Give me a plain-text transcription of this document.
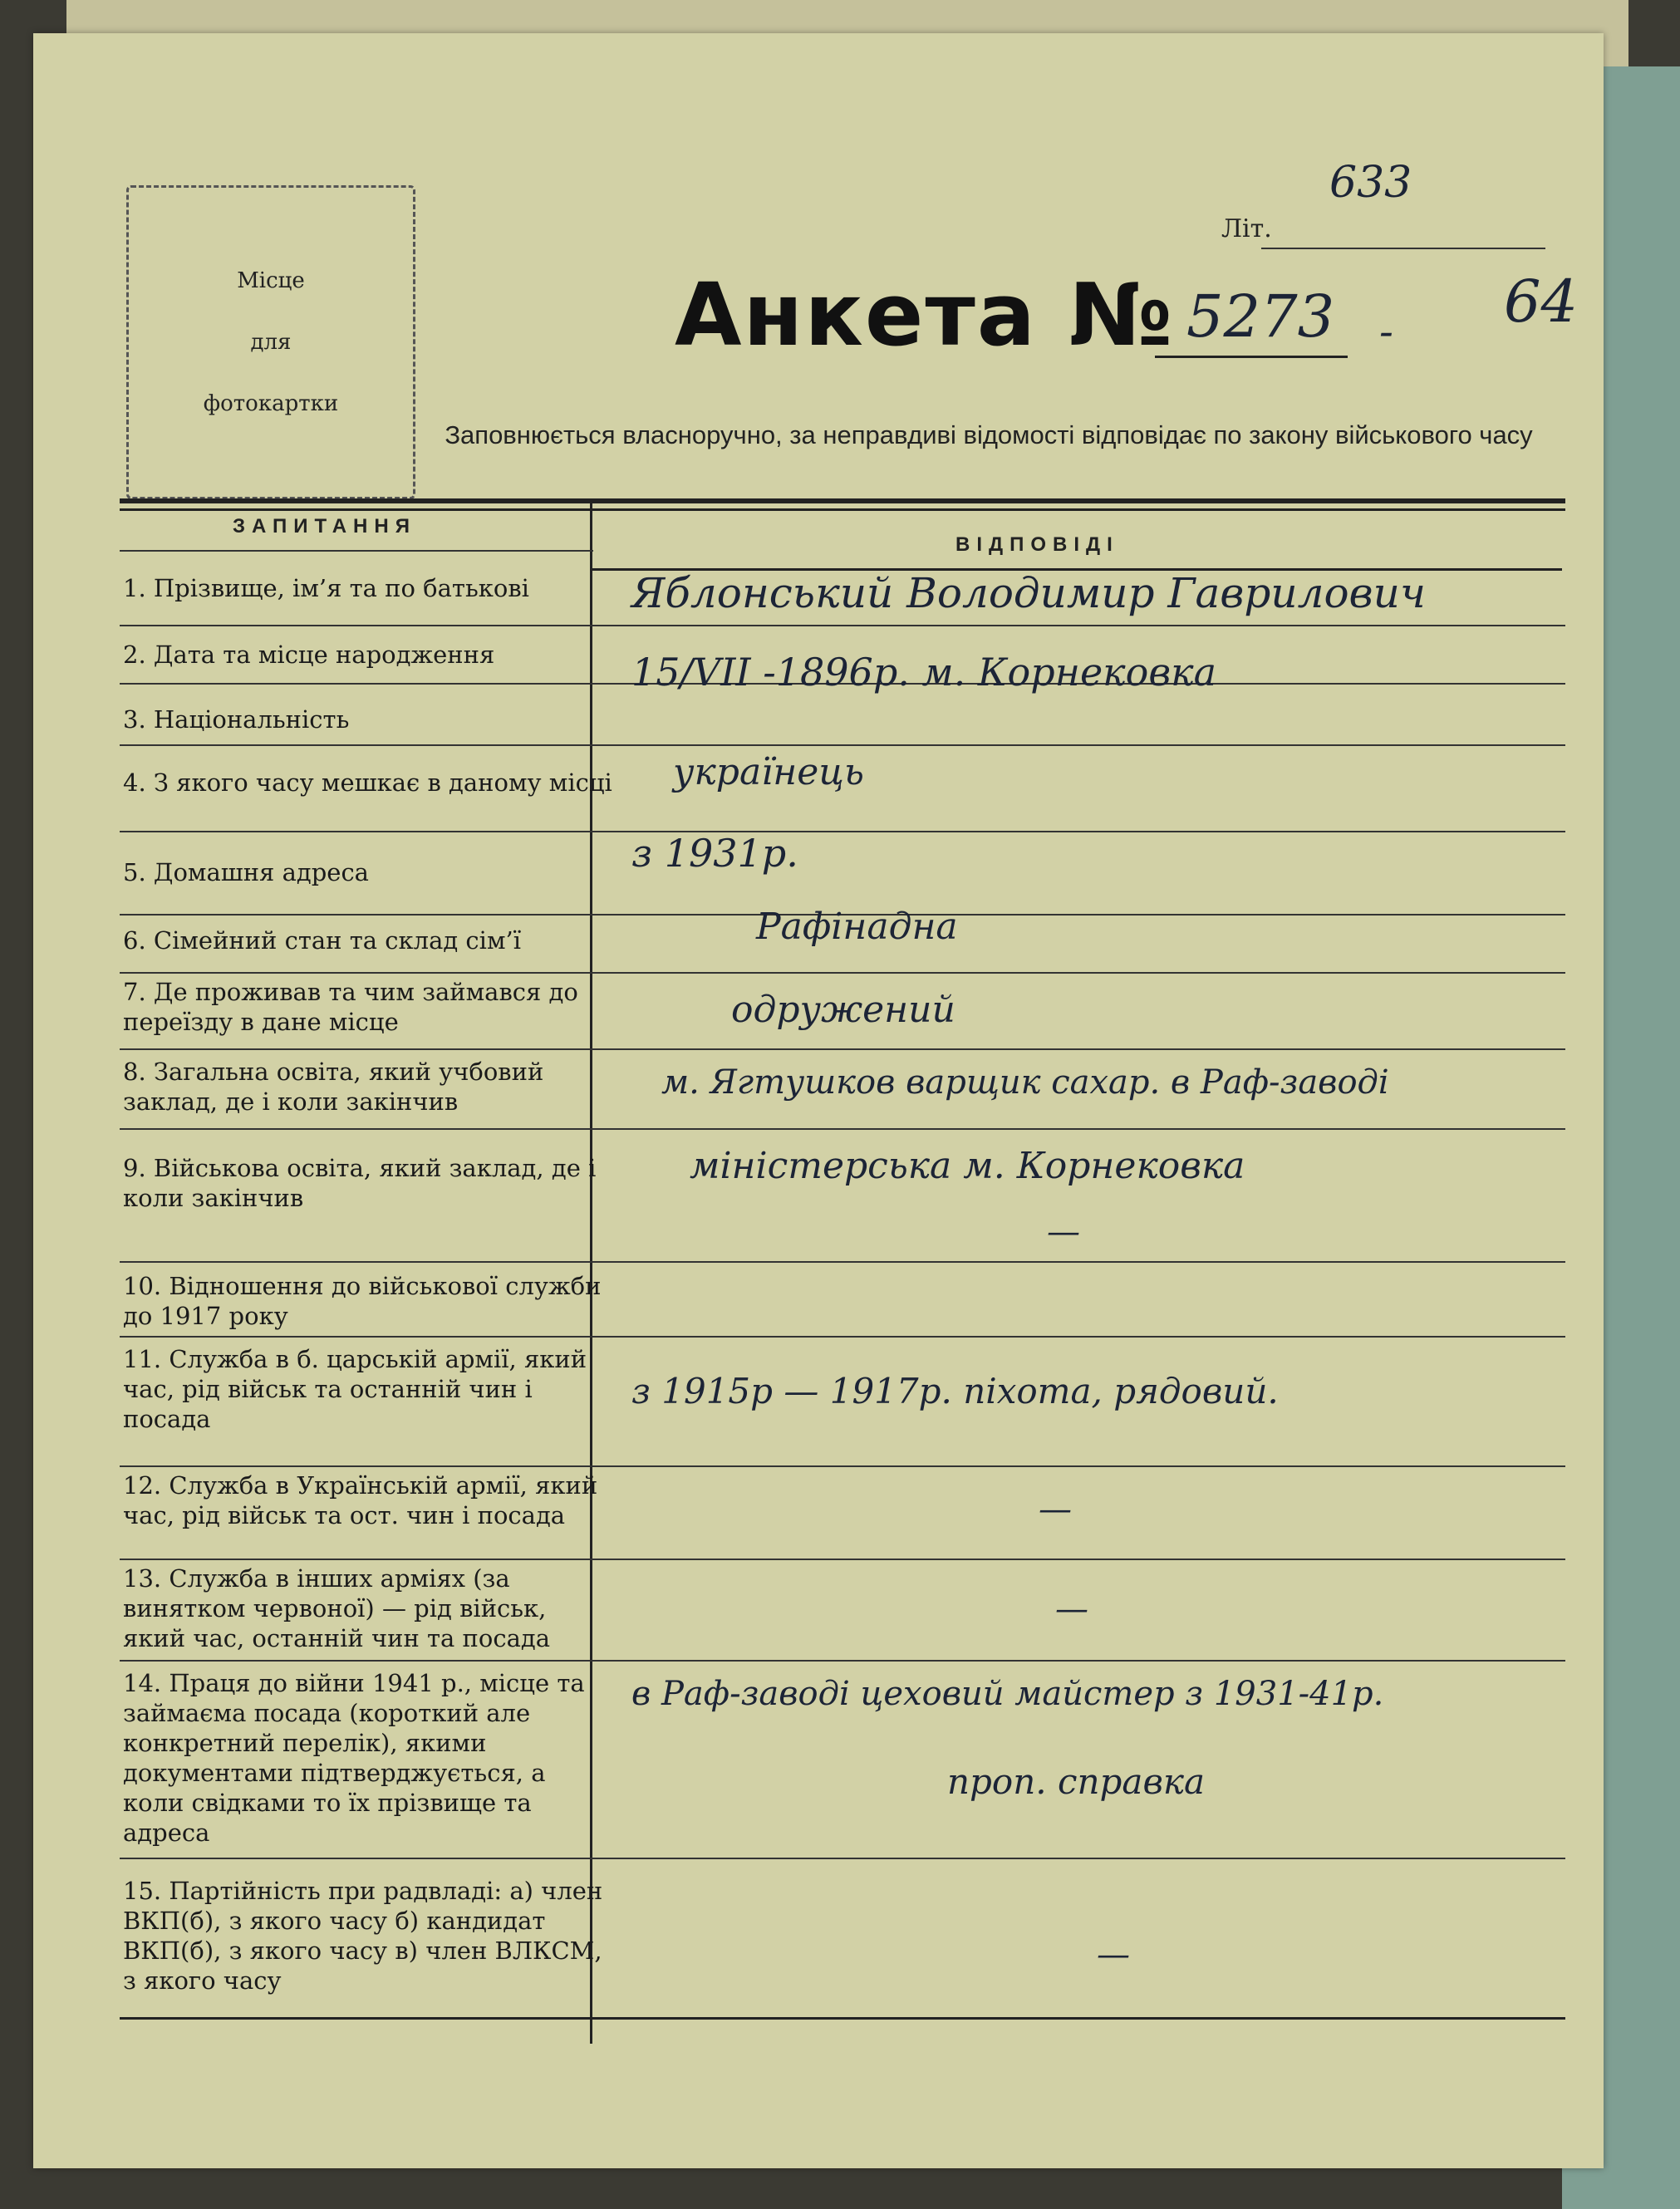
Місце
для
фотокартки
Літ.
633
64
Анкета № 5273 -
Заповнюється власноручно, за неправдиві відомості відповідає по закону військового часу
ЗАПИТАННЯ
ВІДПОВІДІ
1. Прізвище, ім’я та по батькові
2. Дата та місце народження
3. Національність
4. З якого часу мешкає в даному місці
5. Домашня адреса
6. Сімейний стан та склад сім’ї
7. Де проживав та чим займався до переїзду в дане місце
8. Загальна освіта, який учбовий заклад, де і коли закінчив
9. Військова освіта, який заклад, де і коли закінчив
10. Відношення до військової служби до 1917 року
11. Служба в б. царській армії, який час, рід військ та останній чин і посада
12. Служба в Українській армії, який час, рід військ та ост. чин і посада
13. Служба в інших арміях (за винятком червоної) — рід військ, який час, останній чин та посада
14. Праця до війни 1941 р., місце та займаєма посада (короткий але конкретний перелік), якими документами підтверджується, а коли свідками то їх прізвище та адреса
15. Партійність при радвладі: а) член ВКП(б), з якого часу б) кандидат ВКП(б), з якого часу в) член ВЛКСМ, з якого часу
Яблонський Володимир Гаврилович
15/VII -1896р. м. Корнековка
українець
з 1931р.
Рафінадна
одружений
м. Ягтушков варщик сахар. в Раф-заводі
міністерська м. Корнековка
—
з 1915р — 1917р. піхота, рядовий.
—
—
в Раф-заводі цеховий майстер з 1931-41р.
проп. справка
—
